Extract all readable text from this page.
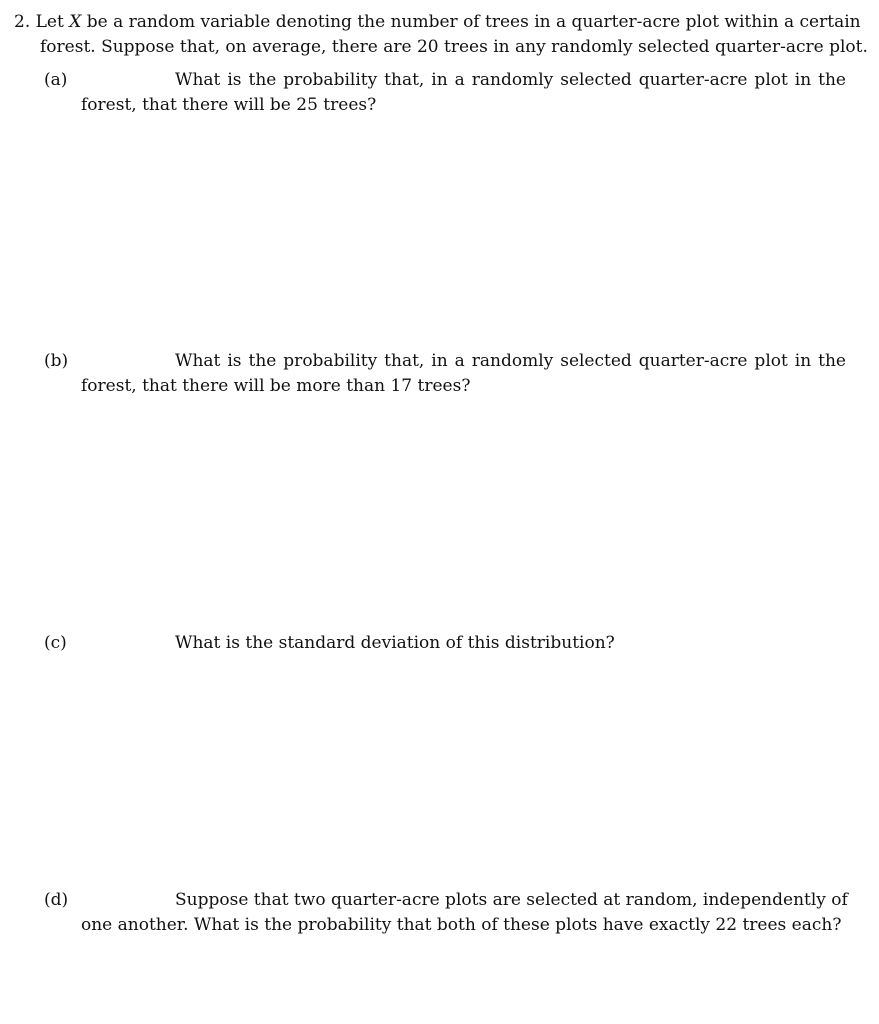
2. Let X be a random variable denoting the number of trees in a quarter-acre plot within a certain
forest. Suppose that, on average, there are 20 trees in any randomly selected quarter-acre plot.
(a)	What is the probability that, in a randomly selected quarter-acre plot in the
forest, that there will be 25 trees?
(b)	What is the probability that, in a randomly selected quarter-acre plot in the
forest, that there will be more than 17 trees?
(c)	What is the standard deviation of this distribution?
(d)	Suppose that two quarter-acre plots are selected at random, independently of
one another. What is the probability that both of these plots have exactly 22 trees each?
